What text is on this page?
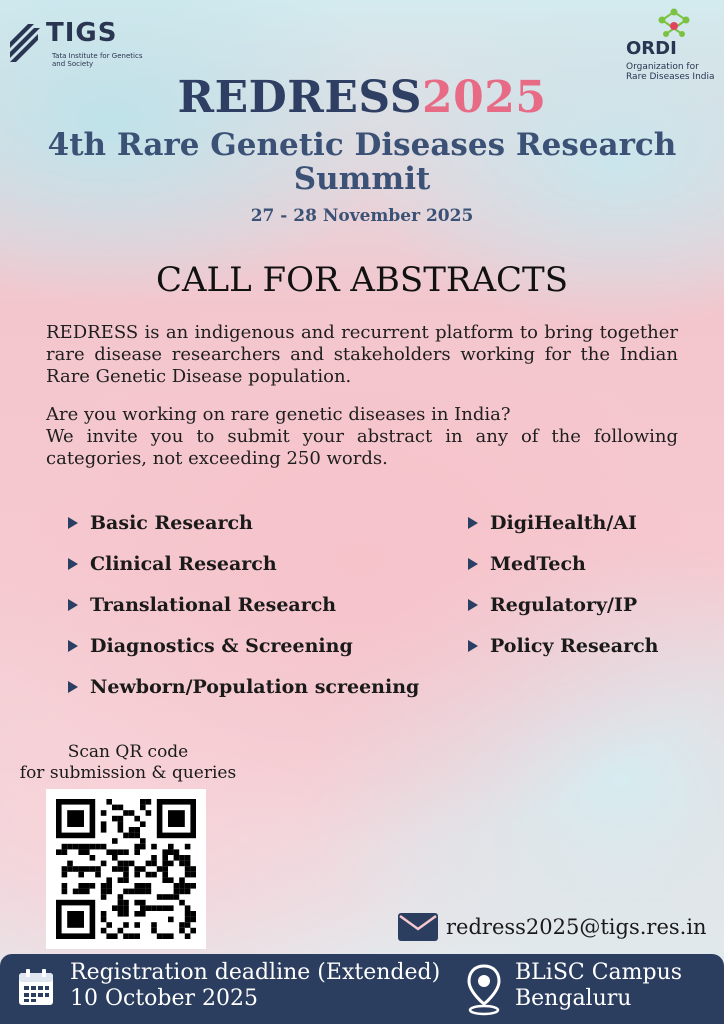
TIGS
Tata Institute for Genetics and Society
ORDI
Organization for Rare Diseases India
REDRESS2025
4th Rare Genetic Diseases Research Summit
27 - 28 November 2025
CALL FOR ABSTRACTS
REDRESS is an indigenous and recurrent platform to bring together rare disease researchers and stakeholders working for the Indian Rare Genetic Disease population.
Are you working on rare genetic diseases in India?
We invite you to submit your abstract in any of the following categories, not exceeding 250 words.
Basic Research
Clinical Research
Translational Research
Diagnostics & Screening
Newborn/Population screening
DigiHealth/AI
MedTech
Regulatory/IP
Policy Research
Scan QR code
for submission & queries
redress2025@tigs.res.in
Registration deadline (Extended)
10 October 2025
BLiSC Campus
Bengaluru
